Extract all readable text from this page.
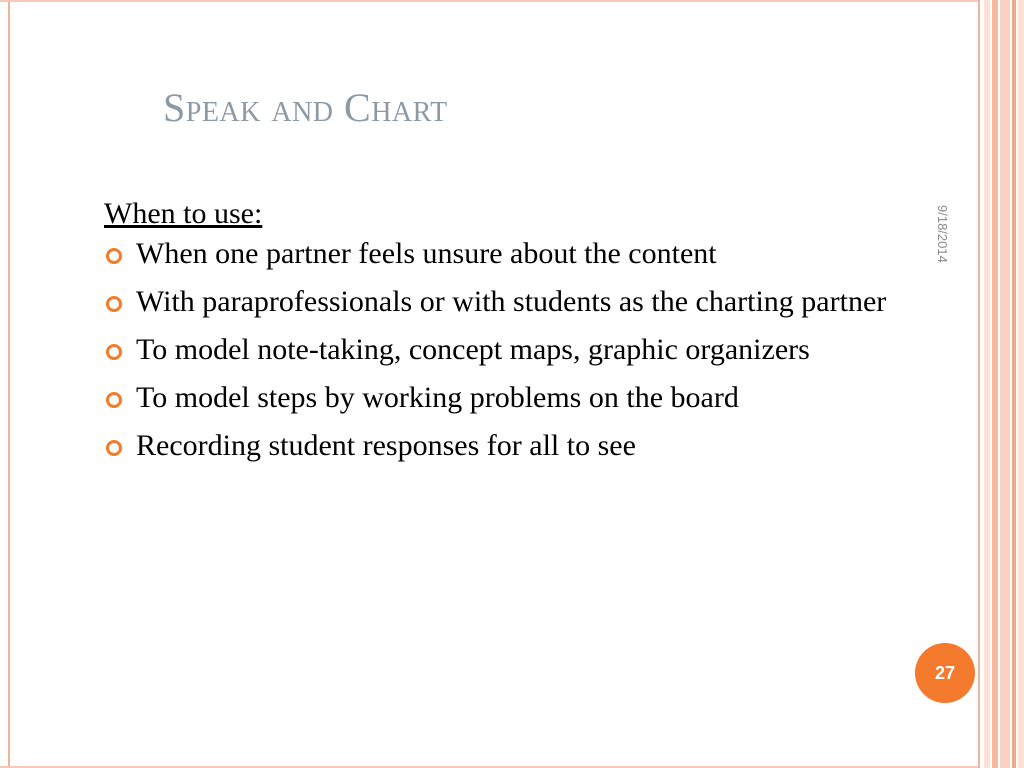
Speak and Chart
9/18/2014
When to use:
When one partner feels unsure about the content
With paraprofessionals or with students as the charting partner
To model note-taking, concept maps, graphic organizers
To model steps by working problems on the board
Recording student responses for all to see
27
